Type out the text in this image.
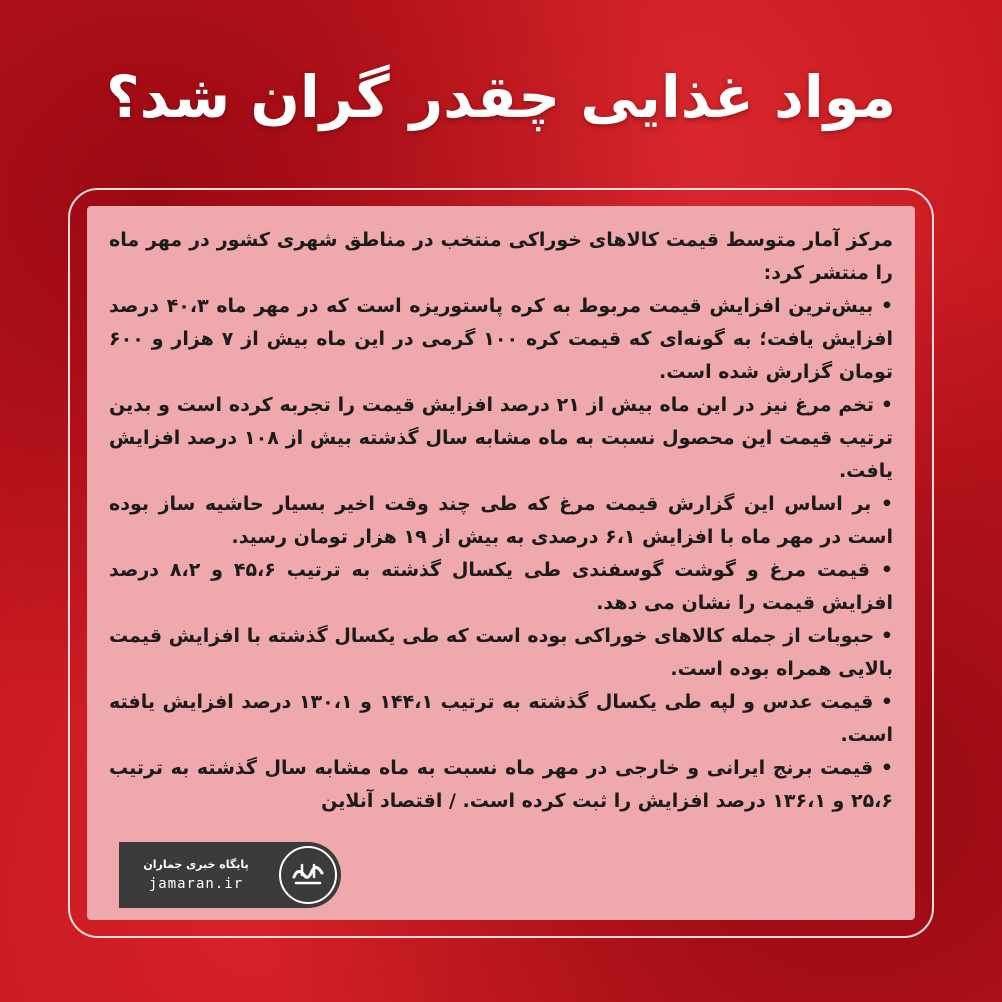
مواد غذایی چقدر گران شد؟

مرکز آمار متوسط قیمت کالاهای خوراکی منتخب در مناطق شهری کشور در مهر ماه را منتشر کرد:

• بیش‌ترین افزایش قیمت مربوط به کره پاستوریزه است که در مهر ماه ۴۰،۳ درصد افزایش یافت؛ به گونه‌ای که قیمت کره ۱۰۰ گرمی در این ماه بیش از ۷ هزار و ۶۰۰ تومان گزارش شده است.

• تخم مرغ نیز در این ماه بیش از ۲۱ درصد افزایش قیمت را تجربه کرده است و بدین ترتیب قیمت این محصول نسبت به ماه مشابه سال گذشته بیش از ۱۰۸ درصد افزایش یافت.

• بر اساس این گزارش قیمت مرغ که طی چند وقت اخیر بسیار حاشیه ساز بوده است در مهر ماه با افزایش ۶،۱ درصدی به بیش از ۱۹ هزار تومان رسید.

• قیمت مرغ و گوشت گوسفندی طی یکسال گذشته به ترتیب ۴۵،۶ و ۸،۲ درصد افزایش قیمت را نشان می دهد.

• حبوبات از جمله کالاهای خوراکی بوده است که طی یکسال گذشته با افزایش قیمت بالایی همراه بوده است.

• قیمت عدس و لپه طی یکسال گذشته به ترتیب ۱۴۴،۱ و ۱۳۰،۱ درصد افزایش یافته است.

• قیمت برنج ایرانی و خارجی در مهر ماه نسبت به ماه مشابه سال گذشته به ترتیب ۲۵،۶ و ۱۳۶،۱ درصد افزایش را ثبت کرده است. / اقتصاد آنلاین

پایگاه خبری جماران
jamaran.ir
